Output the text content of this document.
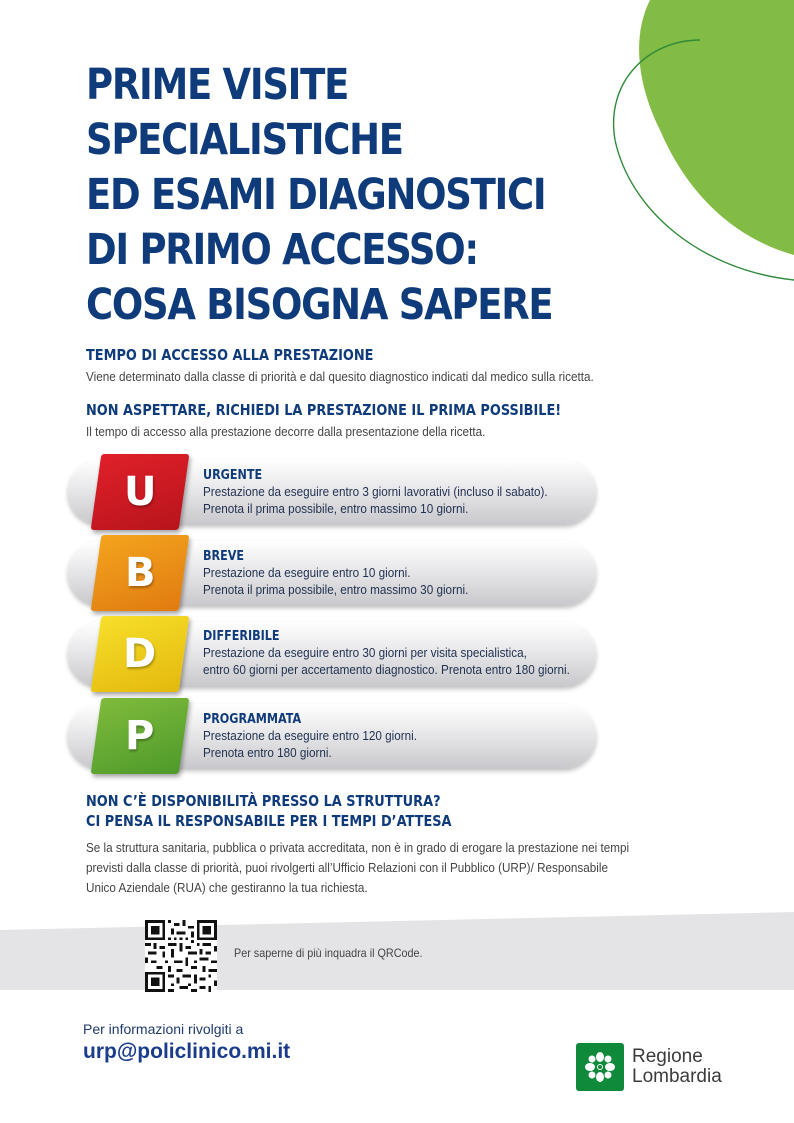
PRIME VISITE
SPECIALISTICHE
ED ESAMI DIAGNOSTICI
DI PRIMO ACCESSO:
COSA BISOGNA SAPERE
TEMPO DI ACCESSO ALLA PRESTAZIONE
Viene determinato dalla classe di priorità e dal quesito diagnostico indicati dal medico sulla ricetta.
NON ASPETTARE, RICHIEDI LA PRESTAZIONE IL PRIMA POSSIBILE!
Il tempo di accesso alla prestazione decorre dalla presentazione della ricetta.
U	URGENTE
Prestazione da eseguire entro 3 giorni lavorativi (incluso il sabato).
Prenota il prima possibile, entro massimo 10 giorni.
B	BREVE
Prestazione da eseguire entro 10 giorni.
Prenota il prima possibile, entro massimo 30 giorni.
D	DIFFERIBILE
Prestazione da eseguire entro 30 giorni per visita specialistica,
entro 60 giorni per accertamento diagnostico. Prenota entro 180 giorni.
P	PROGRAMMATA
Prestazione da eseguire entro 120 giorni.
Prenota entro 180 giorni.
NON C’È DISPONIBILITÀ PRESSO LA STRUTTURA?
CI PENSA IL RESPONSABILE PER I TEMPI D’ATTESA

Se la struttura sanitaria, pubblica o privata accreditata, non è in grado di erogare la prestazione nei tempi

previsti dalla classe di priorità, puoi rivolgerti all’Ufficio Relazioni con il Pubblico (URP)/ Responsabile

Unico Aziendale (RUA) che gestiranno la tua richiesta.

Per saperne di più inquadra il QRCode.
Per informazioni rivolgiti a
urp@policlinico.mi.it	Regione
Lombardia
